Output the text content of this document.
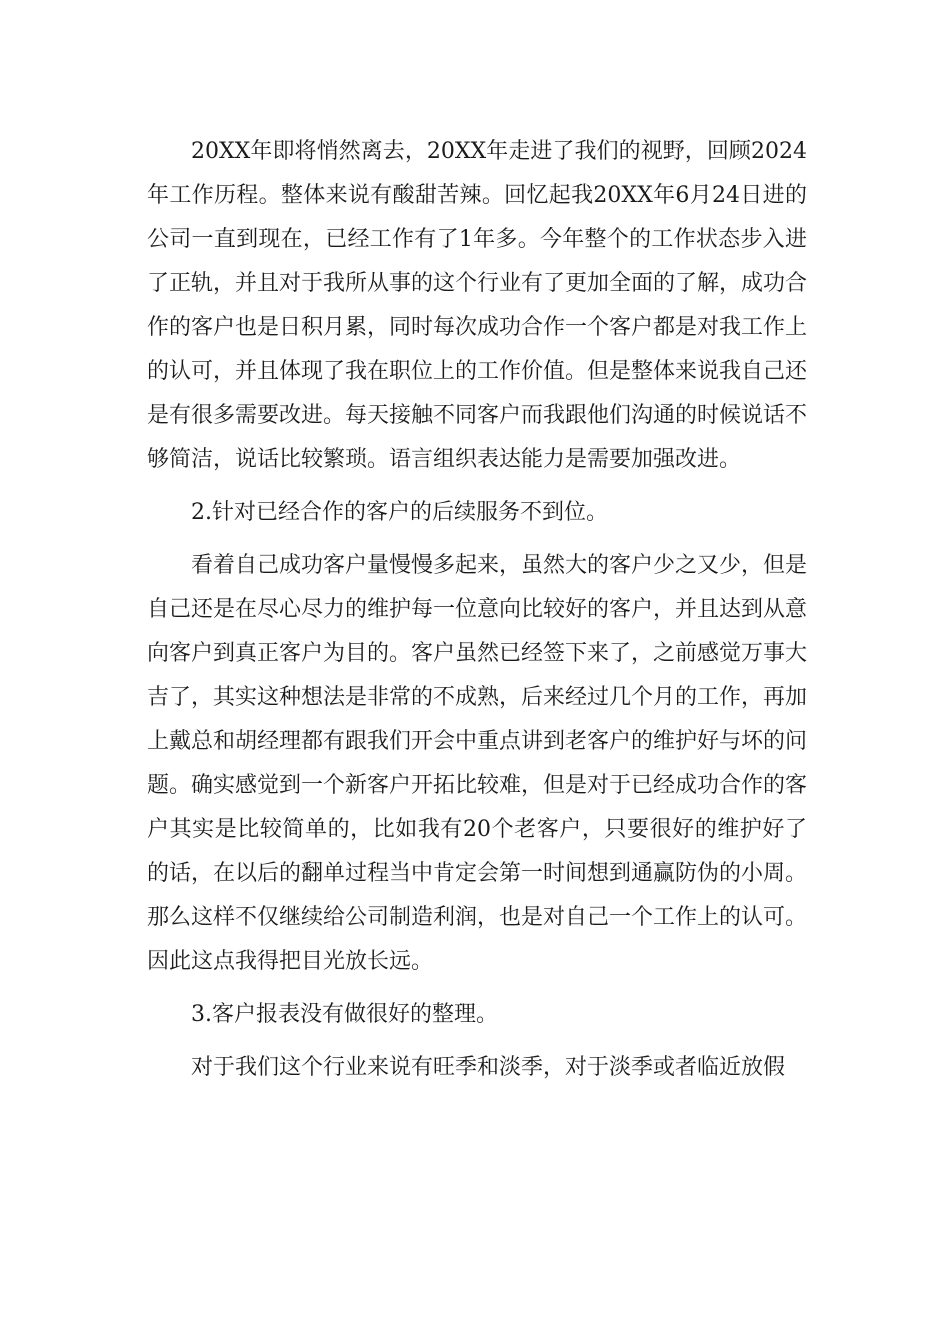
20XX年即将悄然离去，20XX年走进了我们的视野，回顾2024年工作历程。整体来说有酸甜苦辣。回忆起我20XX年6月24日进的公司一直到现在，已经工作有了1年多。今年整个的工作状态步入进了正轨，并且对于我所从事的这个行业有了更加全面的了解，成功合作的客户也是日积月累，同时每次成功合作一个客户都是对我工作上的认可，并且体现了我在职位上的工作价值。但是整体来说我自己还是有很多需要改进。每天接触不同客户而我跟他们沟通的时候说话不够简洁，说话比较繁琐。语言组织表达能力是需要加强改进。

2.针对已经合作的客户的后续服务不到位。

看着自己成功客户量慢慢多起来，虽然大的客户少之又少，但是自己还是在尽心尽力的维护每一位意向比较好的客户，并且达到从意向客户到真正客户为目的。客户虽然已经签下来了，之前感觉万事大吉了，其实这种想法是非常的不成熟，后来经过几个月的工作，再加上戴总和胡经理都有跟我们开会中重点讲到老客户的维护好与坏的问题。确实感觉到一个新客户开拓比较难，但是对于已经成功合作的客户其实是比较简单的，比如我有20个老客户，只要很好的维护好了的话，在以后的翻单过程当中肯定会第一时间想到通赢防伪的小周。那么这样不仅继续给公司制造利润，也是对自己一个工作上的认可。因此这点我得把目光放长远。

3.客户报表没有做很好的整理。

对于我们这个行业来说有旺季和淡季，对于淡季或者临近放假
